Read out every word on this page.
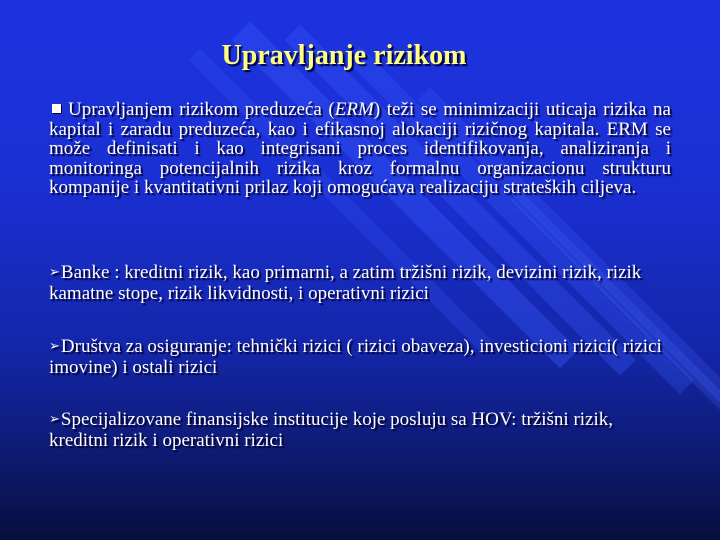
Upravljanje rizikom

Upravljanjem rizikom preduzeća (ERM) teži se minimizaciji uticaja rizika na kapital i zaradu preduzeća, kao i efikasnoj alokaciji rizičnog kapitala. ERM se može definisati i kao integrisani proces identifikovanja, analiziranja i monitoringa potencijalnih rizika kroz formalnu organizacionu strukturu kompanije i kvantitativni prilaz koji omogućava realizaciju strateških ciljeva.

➢Banke : kreditni rizik, kao primarni, a zatim tržišni rizik, devizini rizik, rizik kamatne stope, rizik likvidnosti, i operativni rizici

➢Društva za osiguranje: tehnički rizici ( rizici obaveza), investicioni rizici( rizici imovine) i ostali rizici

➢Specijalizovane finansijske institucije koje posluju sa HOV: tržišni rizik, kreditni rizik i operativni rizici
